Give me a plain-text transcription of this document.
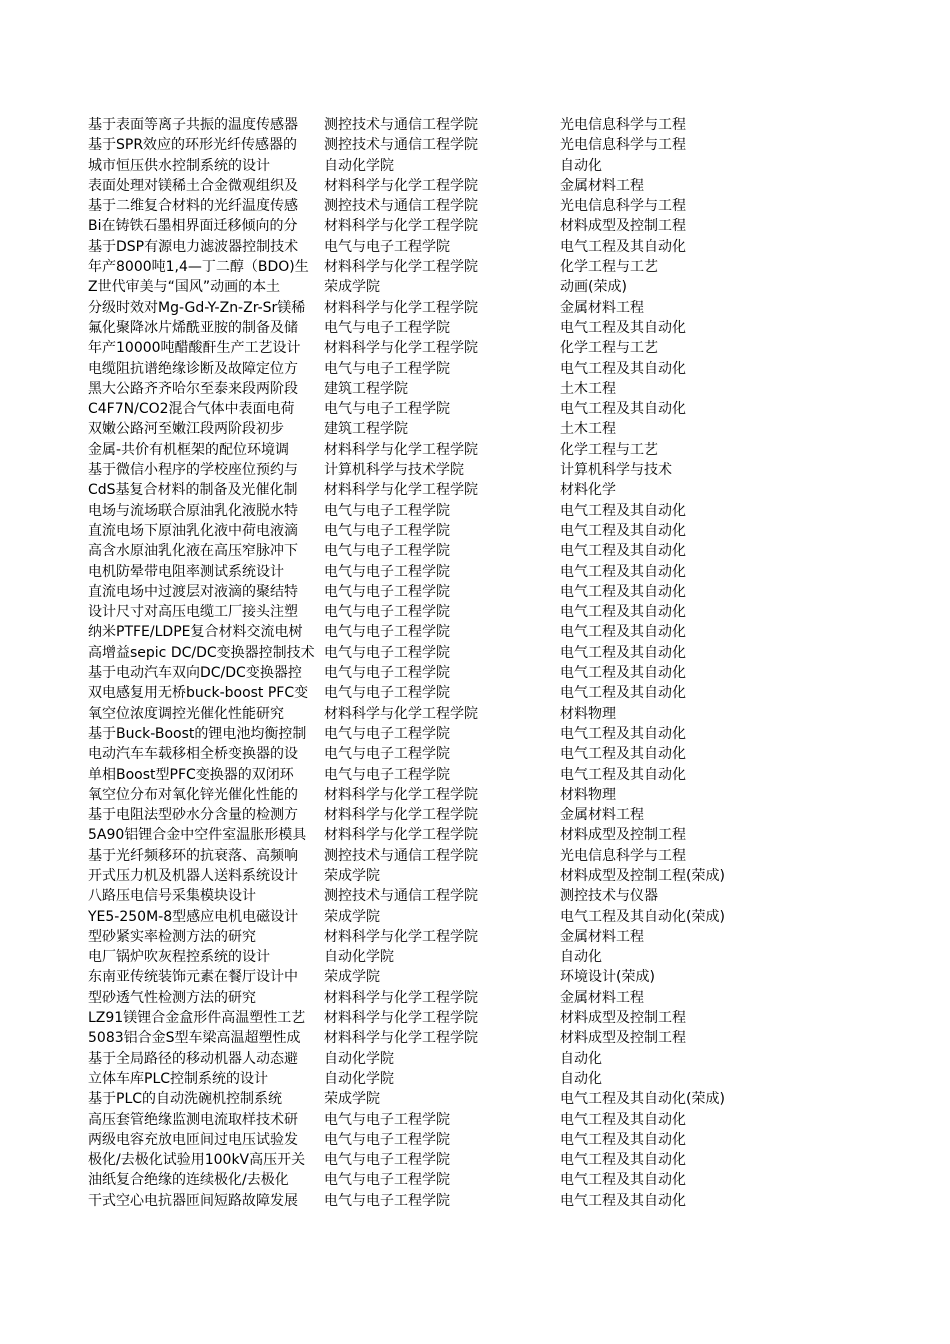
基于表面等离子共振的温度传感器	测控技术与通信工程学院	光电信息科学与工程
基于SPR效应的环形光纤传感器的	测控技术与通信工程学院	光电信息科学与工程
城市恒压供水控制系统的设计	自动化学院	自动化
表面处理对镁稀土合金微观组织及	材料科学与化学工程学院	金属材料工程
基于二维复合材料的光纤温度传感	测控技术与通信工程学院	光电信息科学与工程
Bi在铸铁石墨相界面迁移倾向的分	材料科学与化学工程学院	材料成型及控制工程
基于DSP有源电力滤波器控制技术	电气与电子工程学院	电气工程及其自动化
年产8000吨1,4—丁二醇（BDO)生	材料科学与化学工程学院	化学工程与工艺
Z世代审美与“国风”动画的本土	荣成学院	动画(荣成)
分级时效对Mg-Gd-Y-Zn-Zr-Sr镁稀	材料科学与化学工程学院	金属材料工程
氟化聚降冰片烯酰亚胺的制备及储	电气与电子工程学院	电气工程及其自动化
年产10000吨醋酸酐生产工艺设计	材料科学与化学工程学院	化学工程与工艺
电缆阻抗谱绝缘诊断及故障定位方	电气与电子工程学院	电气工程及其自动化
黑大公路齐齐哈尔至泰来段两阶段	建筑工程学院	土木工程
C4F7N/CO2混合气体中表面电荷	电气与电子工程学院	电气工程及其自动化
双嫩公路河至嫩江段两阶段初步	建筑工程学院	土木工程
金属-共价有机框架的配位环境调	材料科学与化学工程学院	化学工程与工艺
基于微信小程序的学校座位预约与	计算机科学与技术学院	计算机科学与技术
CdS基复合材料的制备及光催化制	材料科学与化学工程学院	材料化学
电场与流场联合原油乳化液脱水特	电气与电子工程学院	电气工程及其自动化
直流电场下原油乳化液中荷电液滴	电气与电子工程学院	电气工程及其自动化
高含水原油乳化液在高压窄脉冲下	电气与电子工程学院	电气工程及其自动化
电机防晕带电阻率测试系统设计	电气与电子工程学院	电气工程及其自动化
直流电场中过渡层对液滴的聚结特	电气与电子工程学院	电气工程及其自动化
设计尺寸对高压电缆工厂接头注塑	电气与电子工程学院	电气工程及其自动化
纳米PTFE/LDPE复合材料交流电树	电气与电子工程学院	电气工程及其自动化
高增益sepic DC/DC变换器控制技术 电气与电子工程学院	电气工程及其自动化
基于电动汽车双向DC/DC变换器控	电气与电子工程学院	电气工程及其自动化
双电感复用无桥buck-boost PFC变	电气与电子工程学院	电气工程及其自动化
氧空位浓度调控光催化性能研究	材料科学与化学工程学院	材料物理
基于Buck-Boost的锂电池均衡控制	电气与电子工程学院	电气工程及其自动化
电动汽车车载移相全桥变换器的设	电气与电子工程学院	电气工程及其自动化
单相Boost型PFC变换器的双闭环	电气与电子工程学院	电气工程及其自动化
氧空位分布对氧化锌光催化性能的	材料科学与化学工程学院	材料物理
基于电阻法型砂水分含量的检测方	材料科学与化学工程学院	金属材料工程
5A90铝锂合金中空件室温胀形模具	材料科学与化学工程学院	材料成型及控制工程
基于光纤频移环的抗衰落、高频响	测控技术与通信工程学院	光电信息科学与工程
开式压力机及机器人送料系统设计	荣成学院	材料成型及控制工程(荣成)
八路压电信号采集模块设计	测控技术与通信工程学院	测控技术与仪器
YE5-250M-8型感应电机电磁设计	荣成学院	电气工程及其自动化(荣成)
型砂紧实率检测方法的研究	材料科学与化学工程学院	金属材料工程
电厂锅炉吹灰程控系统的设计	自动化学院	自动化
东南亚传统装饰元素在餐厅设计中	荣成学院	环境设计(荣成)
型砂透气性检测方法的研究	材料科学与化学工程学院	金属材料工程
LZ91镁锂合金盒形件高温塑性工艺	材料科学与化学工程学院	材料成型及控制工程
5083铝合金S型车梁高温超塑性成	材料科学与化学工程学院	材料成型及控制工程
基于全局路径的移动机器人动态避	自动化学院	自动化
立体车库PLC控制系统的设计	自动化学院	自动化
基于PLC的自动洗碗机控制系统	荣成学院	电气工程及其自动化(荣成)
高压套管绝缘监测电流取样技术研	电气与电子工程学院	电气工程及其自动化
两级电容充放电匝间过电压试验发	电气与电子工程学院	电气工程及其自动化
极化/去极化试验用100kV高压开关	电气与电子工程学院	电气工程及其自动化
油纸复合绝缘的连续极化/去极化	电气与电子工程学院	电气工程及其自动化
干式空心电抗器匝间短路故障发展	电气与电子工程学院	电气工程及其自动化
